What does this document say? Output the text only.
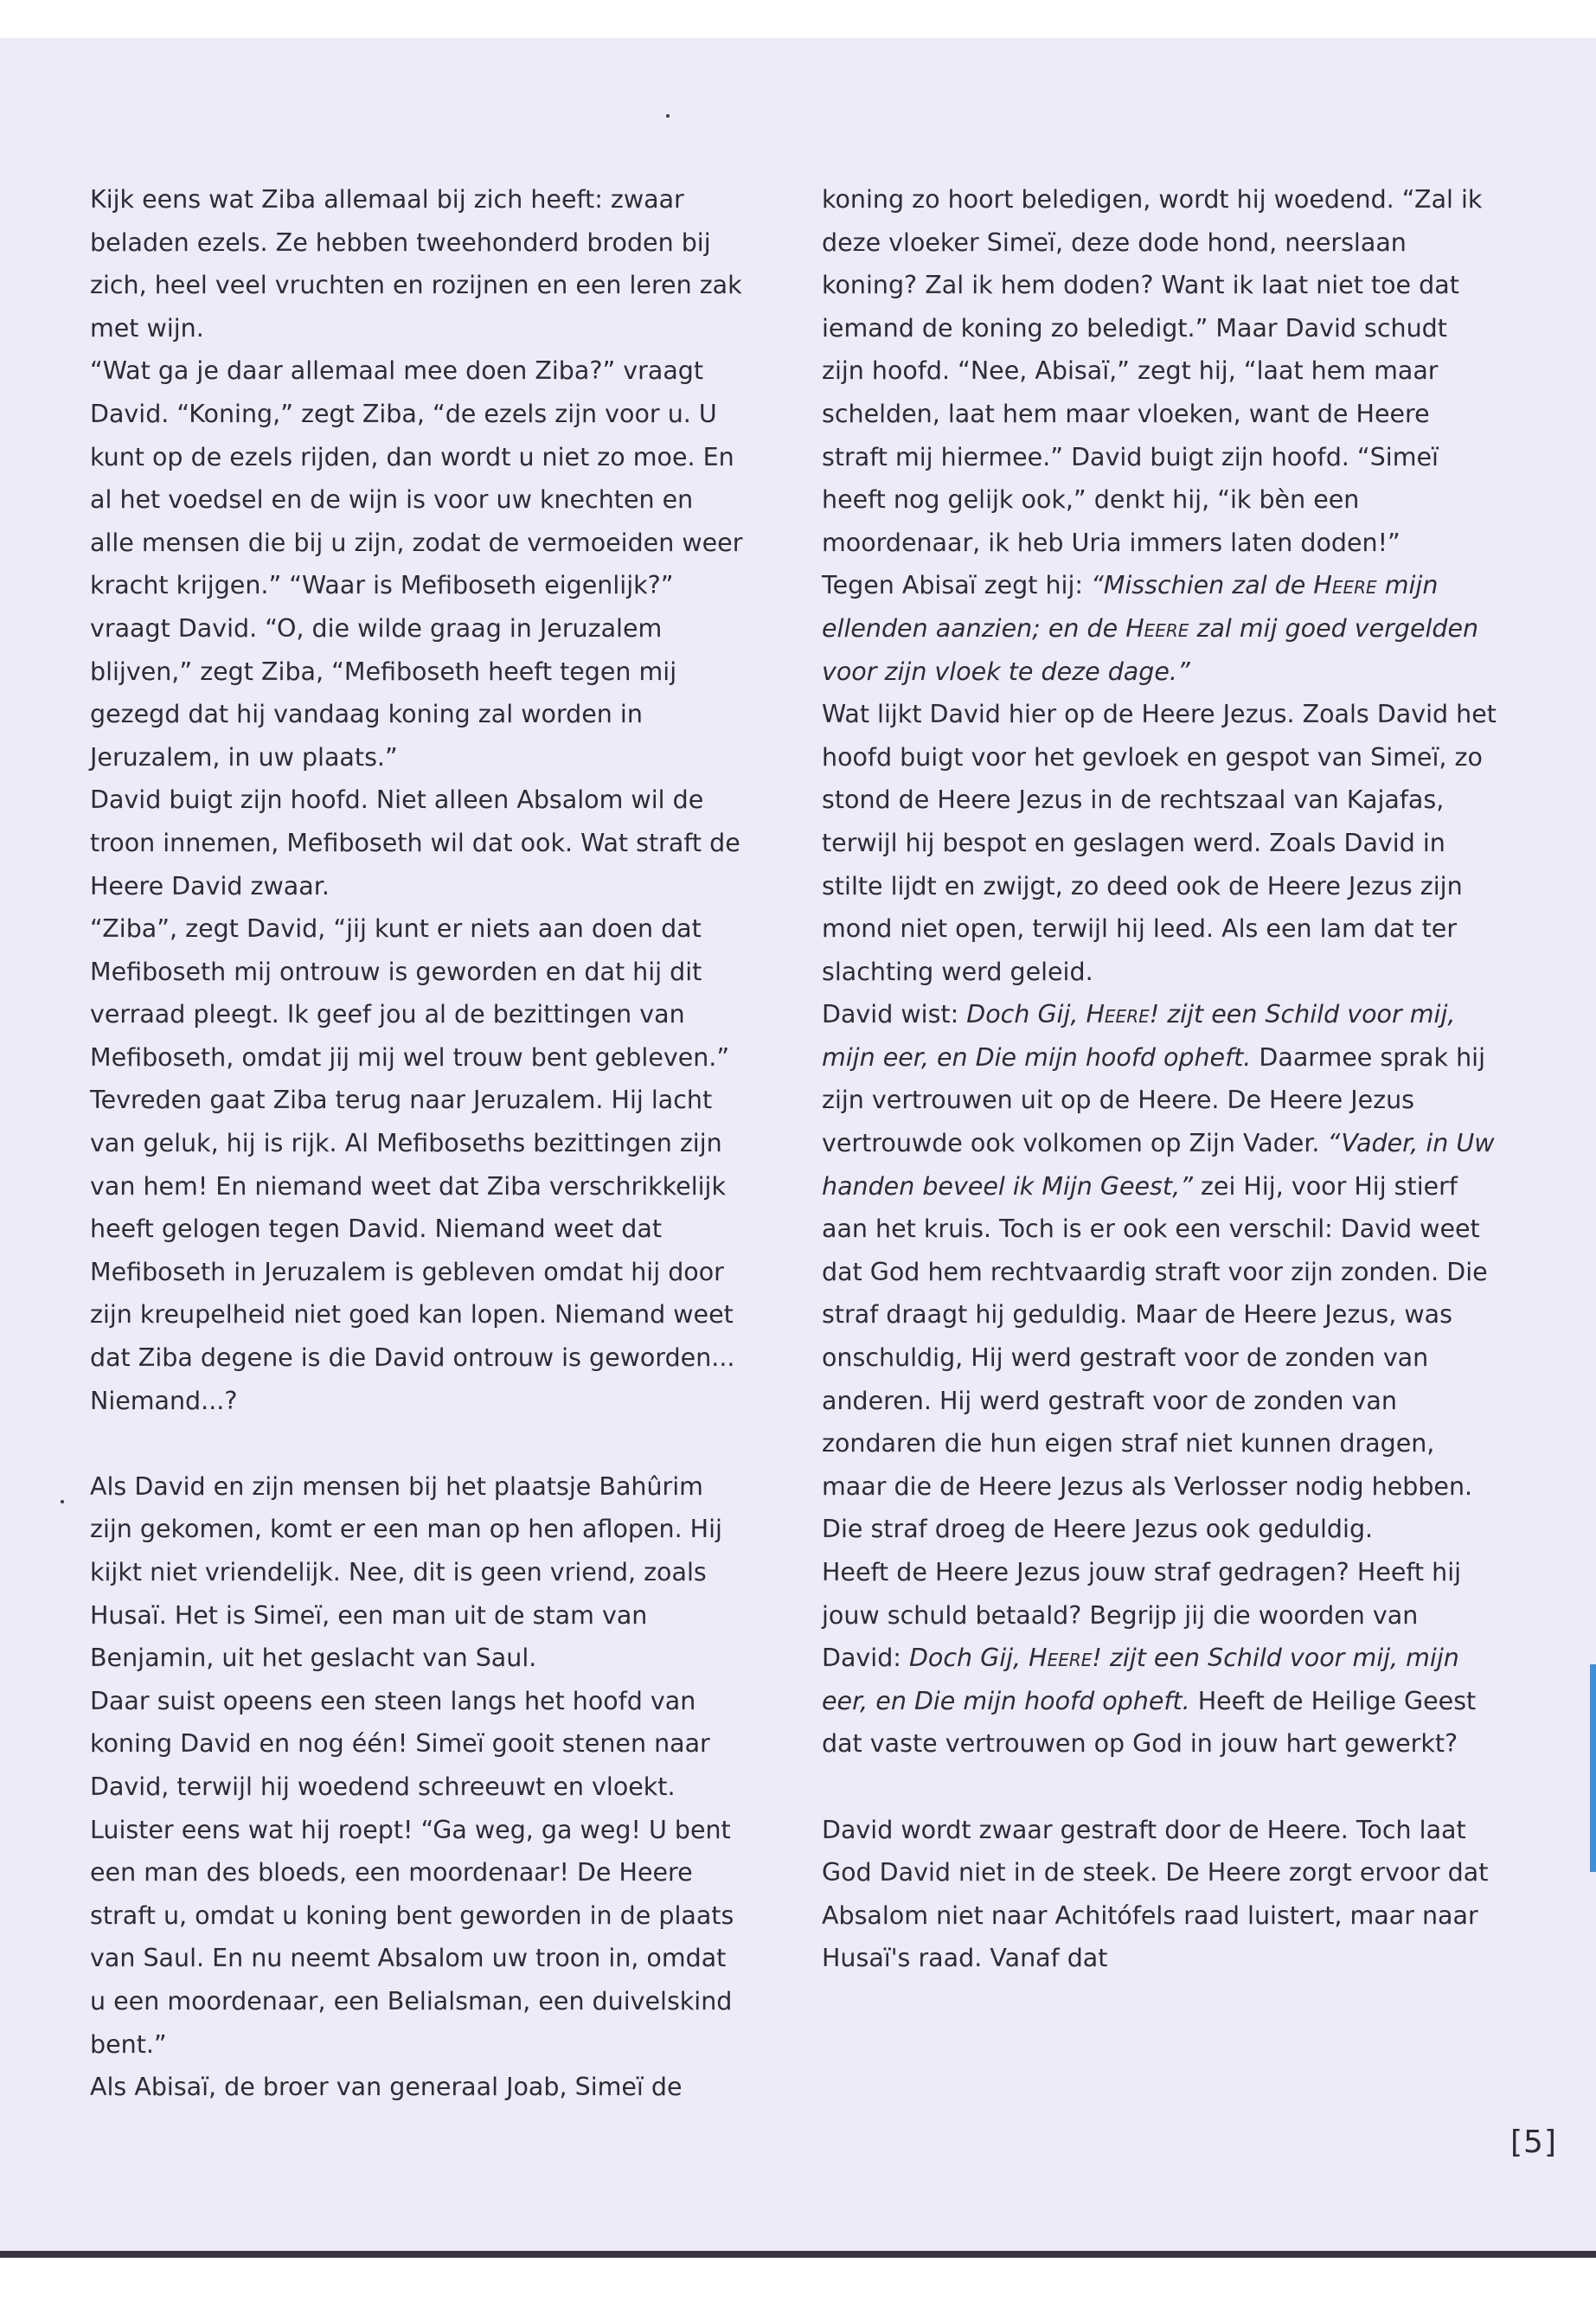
Kijk eens wat Ziba allemaal bij zich heeft: zwaar beladen ezels. Ze hebben tweehonderd broden bij zich, heel veel vruchten en rozijnen en een leren zak met wijn.

“Wat ga je daar allemaal mee doen Ziba?” vraagt David. “Koning,” zegt Ziba, “de ezels zijn voor u. U kunt op de ezels rijden, dan wordt u niet zo moe. En al het voedsel en de wijn is voor uw knechten en alle mensen die bij u zijn, zodat de vermoeiden weer kracht krijgen.” “Waar is Mefiboseth eigenlijk?” vraagt David. “O, die wilde graag in Jeruzalem blijven,” zegt Ziba, “Mefiboseth heeft tegen mij gezegd dat hij vandaag koning zal worden in Jeruzalem, in uw plaats.”

David buigt zijn hoofd. Niet alleen Absalom wil de troon innemen, Mefiboseth wil dat ook. Wat straft de Heere David zwaar.

“Ziba”, zegt David, “jij kunt er niets aan doen dat Mefiboseth mij ontrouw is geworden en dat hij dit verraad pleegt. Ik geef jou al de bezittingen van Mefiboseth, omdat jij mij wel trouw bent gebleven.”

Tevreden gaat Ziba terug naar Jeruzalem. Hij lacht van geluk, hij is rijk. Al Mefiboseths bezittingen zijn van hem! En niemand weet dat Ziba verschrikkelijk heeft gelogen tegen David. Niemand weet dat Mefiboseth in Jeruzalem is gebleven omdat hij door zijn kreupelheid niet goed kan lopen. Niemand weet dat Ziba degene is die David ontrouw is geworden... Niemand...?

Als David en zijn mensen bij het plaatsje Bahûrim zijn gekomen, komt er een man op hen aflopen. Hij kijkt niet vriendelijk. Nee, dit is geen vriend, zoals Husaï. Het is Simeï, een man uit de stam van Benjamin, uit het geslacht van Saul.

Daar suist opeens een steen langs het hoofd van koning David en nog één! Simeï gooit stenen naar David, terwijl hij woedend schreeuwt en vloekt. Luister eens wat hij roept! “Ga weg, ga weg! U bent een man des bloeds, een moordenaar! De Heere straft u, omdat u koning bent geworden in de plaats van Saul. En nu neemt Absalom uw troon in, omdat u een moordenaar, een Belialsman, een duivelskind bent.”

Als Abisaï, de broer van generaal Joab, Simeï de

koning zo hoort beledigen, wordt hij woedend. “Zal ik deze vloeker Simeï, deze dode hond, neerslaan koning? Zal ik hem doden? Want ik laat niet toe dat iemand de koning zo beledigt.” Maar David schudt zijn hoofd. “Nee, Abisaï,” zegt hij, “laat hem maar schelden, laat hem maar vloeken, want de Heere straft mij hiermee.” David buigt zijn hoofd. “Simeï heeft nog gelijk ook,” denkt hij, “ik bèn een moordenaar, ik heb Uria immers laten doden!”

Tegen Abisaï zegt hij: “Misschien zal de Heere mijn ellenden aanzien; en de Heere zal mij goed vergelden voor zijn vloek te deze dage.”

Wat lijkt David hier op de Heere Jezus. Zoals David het hoofd buigt voor het gevloek en gespot van Simeï, zo stond de Heere Jezus in de rechtszaal van Kajafas, terwijl hij bespot en geslagen werd. Zoals David in stilte lijdt en zwijgt, zo deed ook de Heere Jezus zijn mond niet open, terwijl hij leed. Als een lam dat ter slachting werd geleid.

David wist: Doch Gij, Heere! zijt een Schild voor mij, mijn eer, en Die mijn hoofd opheft. Daarmee sprak hij zijn vertrouwen uit op de Heere. De Heere Jezus vertrouwde ook volkomen op Zijn Vader. “Vader, in Uw handen beveel ik Mijn Geest,” zei Hij, voor Hij stierf aan het kruis. Toch is er ook een verschil: David weet dat God hem rechtvaardig straft voor zijn zonden. Die straf draagt hij geduldig. Maar de Heere Jezus, was onschuldig, Hij werd gestraft voor de zonden van anderen. Hij werd gestraft voor de zonden van zondaren die hun eigen straf niet kunnen dragen, maar die de Heere Jezus als Verlosser nodig hebben. Die straf droeg de Heere Jezus ook geduldig.

Heeft de Heere Jezus jouw straf gedragen? Heeft hij jouw schuld betaald? Begrijp jij die woorden van David: Doch Gij, Heere! zijt een Schild voor mij, mijn eer, en Die mijn hoofd opheft. Heeft de Heilige Geest dat vaste vertrouwen op God in jouw hart gewerkt?

David wordt zwaar gestraft door de Heere. Toch laat God David niet in de steek. De Heere zorgt ervoor dat Absalom niet naar Achitófels raad luistert, maar naar Husaï's raad. Vanaf dat

[5]
